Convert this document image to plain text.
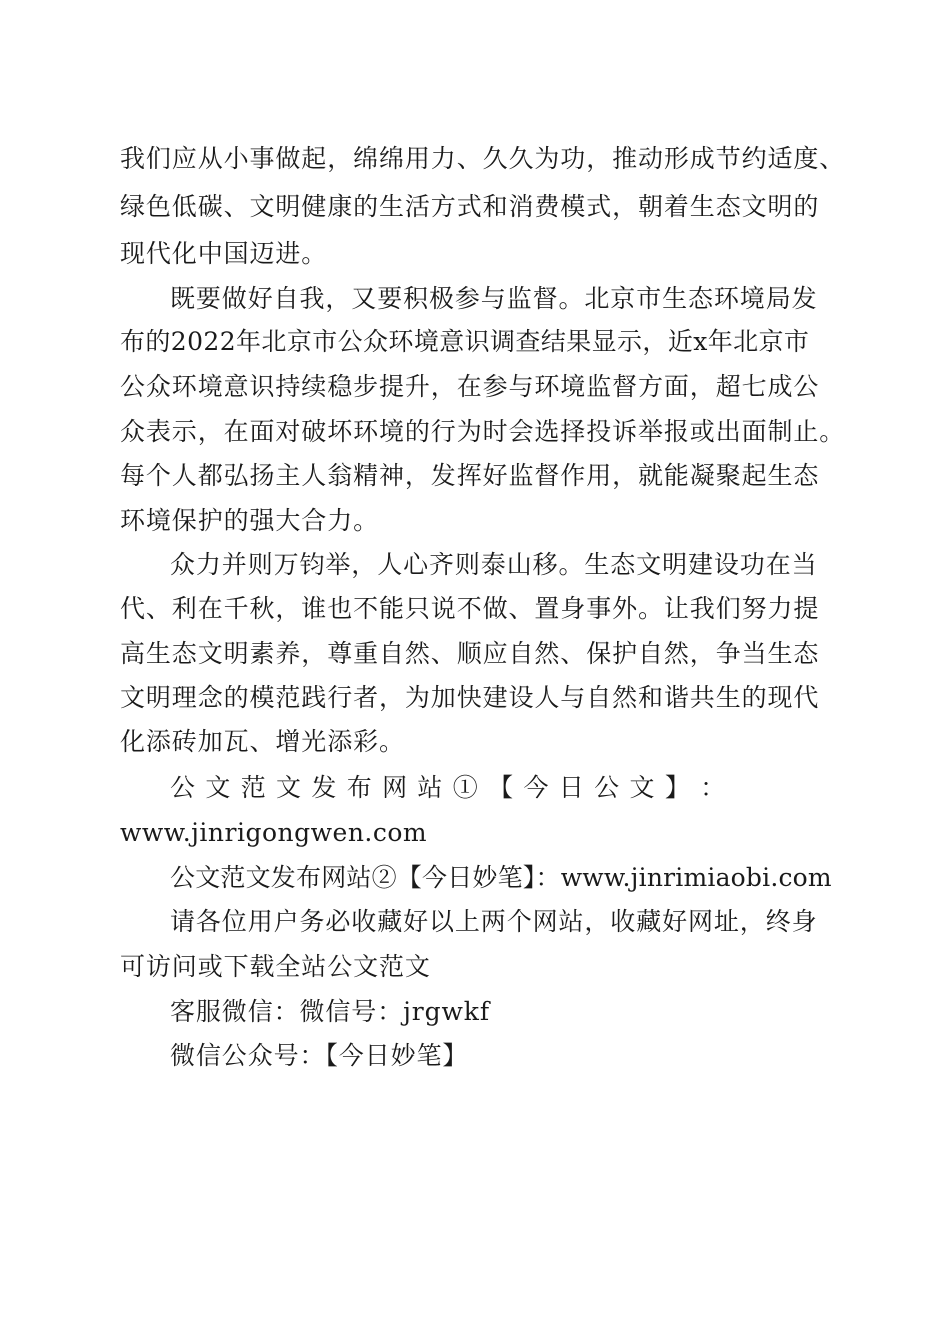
我们应从小事做起，绵绵用力、久久为功，推动形成节约适度、
绿色低碳、文明健康的生活方式和消费模式，朝着生态文明的
现代化中国迈进。
既要做好自我，又要积极参与监督。北京市生态环境局发
布的2022年北京市公众环境意识调查结果显示，近x年北京市
公众环境意识持续稳步提升，在参与环境监督方面，超七成公
众表示，在面对破坏环境的行为时会选择投诉举报或出面制止。
每个人都弘扬主人翁精神，发挥好监督作用，就能凝聚起生态
环境保护的强大合力。
众力并则万钧举，人心齐则泰山移。生态文明建设功在当
代、利在千秋，谁也不能只说不做、置身事外。让我们努力提
高生态文明素养，尊重自然、顺应自然、保护自然，争当生态
文明理念的模范践行者，为加快建设人与自然和谐共生的现代
化添砖加瓦、增光添彩。
公 文 范 文 发 布 网 站 ① 【 今 日 公 文 】 ：
www.jinrigongwen.com
公文范文发布网站②【今日妙笔】：www.jinrimiaobi.com
请各位用户务必收藏好以上两个网站，收藏好网址，终身
可访问或下载全站公文范文
客服微信：微信号：jrgwkf
微信公众号：【今日妙笔】
